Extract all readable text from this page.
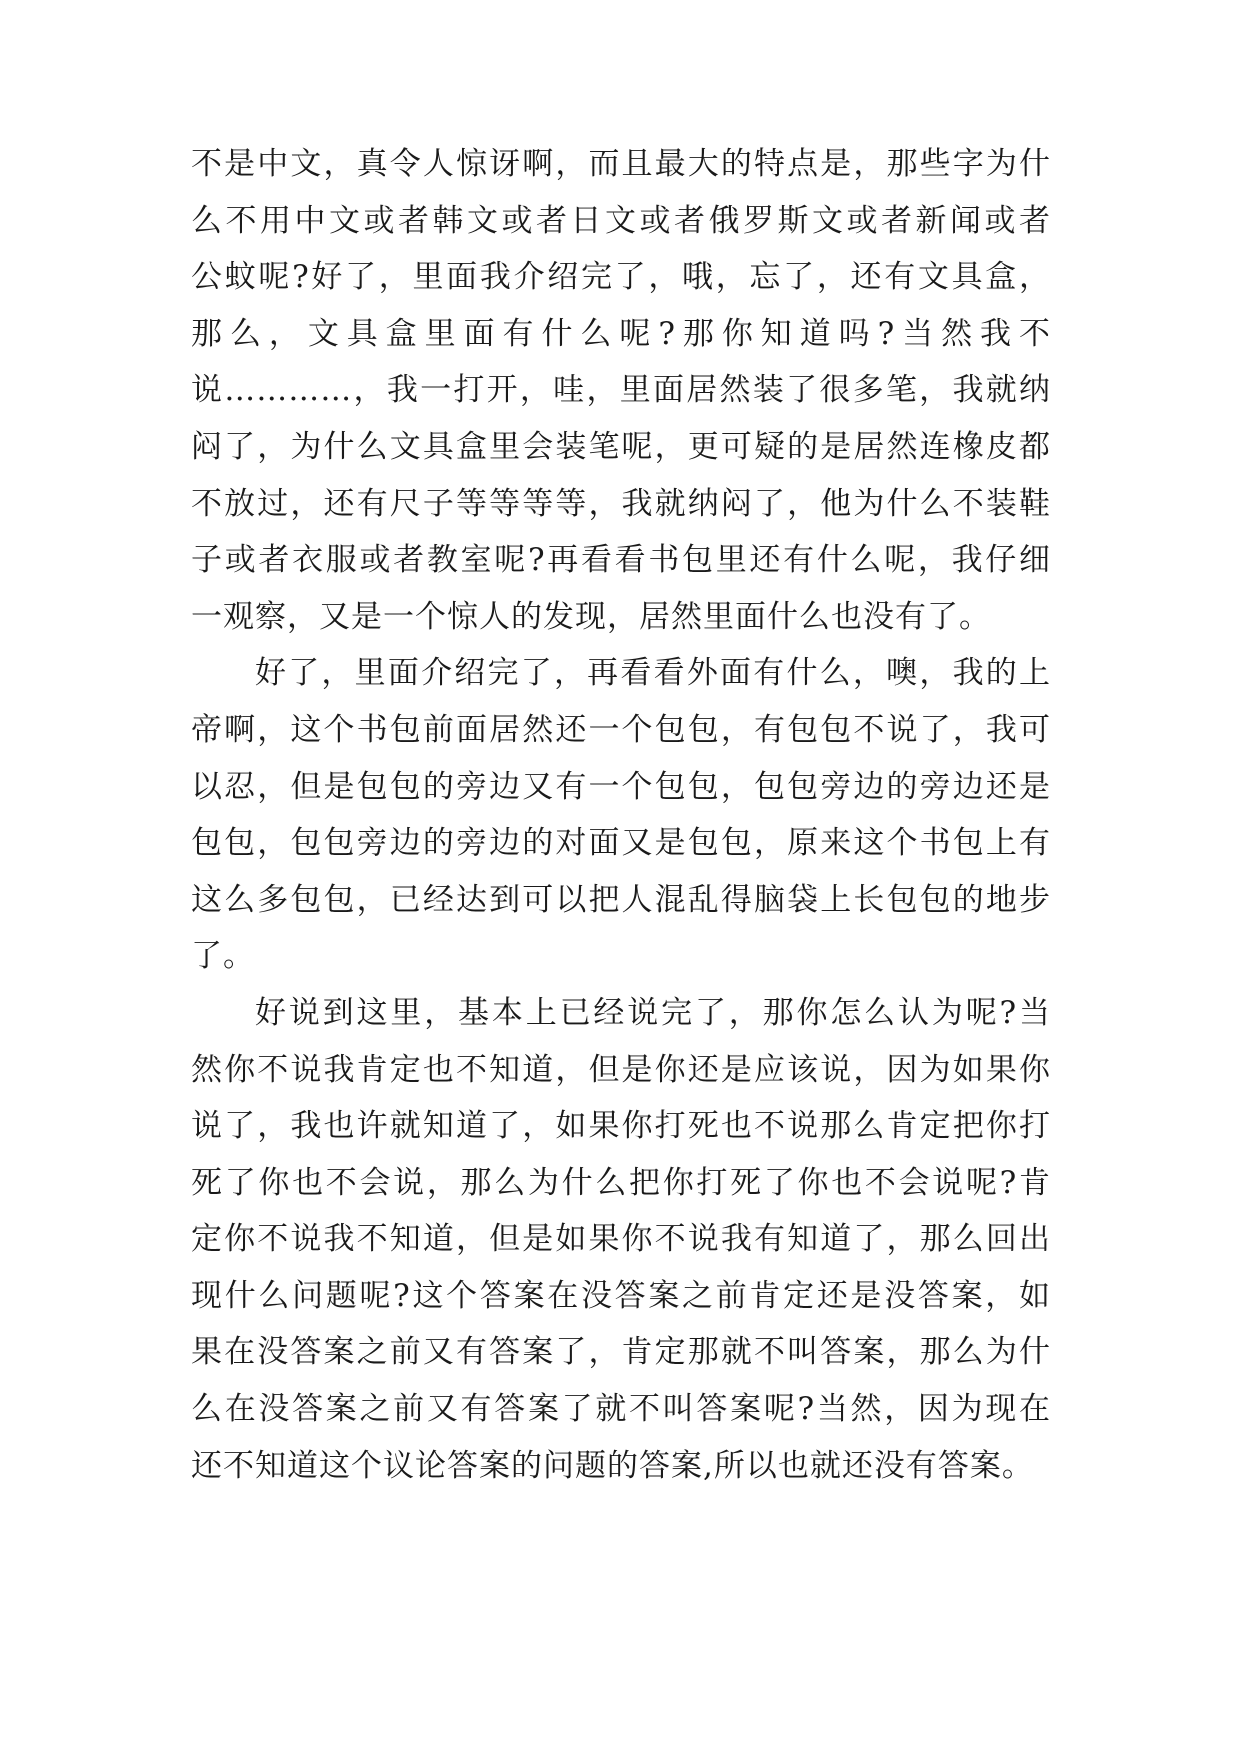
不是中文，真令人惊讶啊，而且最大的特点是，那些字为什
么不用中文或者韩文或者日文或者俄罗斯文或者新闻或者
公蚊呢?好了，里面我介绍完了，哦，忘了，还有文具盒，
那么，文具盒里面有什么呢?那你知道吗?当然我不
说…………，我一打开，哇，里面居然装了很多笔，我就纳
闷了，为什么文具盒里会装笔呢，更可疑的是居然连橡皮都
不放过，还有尺子等等等等，我就纳闷了，他为什么不装鞋
子或者衣服或者教室呢?再看看书包里还有什么呢，我仔细
一观察，又是一个惊人的发现，居然里面什么也没有了。
好了，里面介绍完了，再看看外面有什么，噢，我的上
帝啊，这个书包前面居然还一个包包，有包包不说了，我可
以忍，但是包包的旁边又有一个包包，包包旁边的旁边还是
包包，包包旁边的旁边的对面又是包包，原来这个书包上有
这么多包包，已经达到可以把人混乱得脑袋上长包包的地步
了。
好说到这里，基本上已经说完了，那你怎么认为呢?当
然你不说我肯定也不知道，但是你还是应该说，因为如果你
说了，我也许就知道了，如果你打死也不说那么肯定把你打
死了你也不会说，那么为什么把你打死了你也不会说呢?肯
定你不说我不知道，但是如果你不说我有知道了，那么回出
现什么问题呢?这个答案在没答案之前肯定还是没答案，如
果在没答案之前又有答案了，肯定那就不叫答案，那么为什
么在没答案之前又有答案了就不叫答案呢?当然，因为现在
还不知道这个议论答案的问题的答案,所以也就还没有答案。
